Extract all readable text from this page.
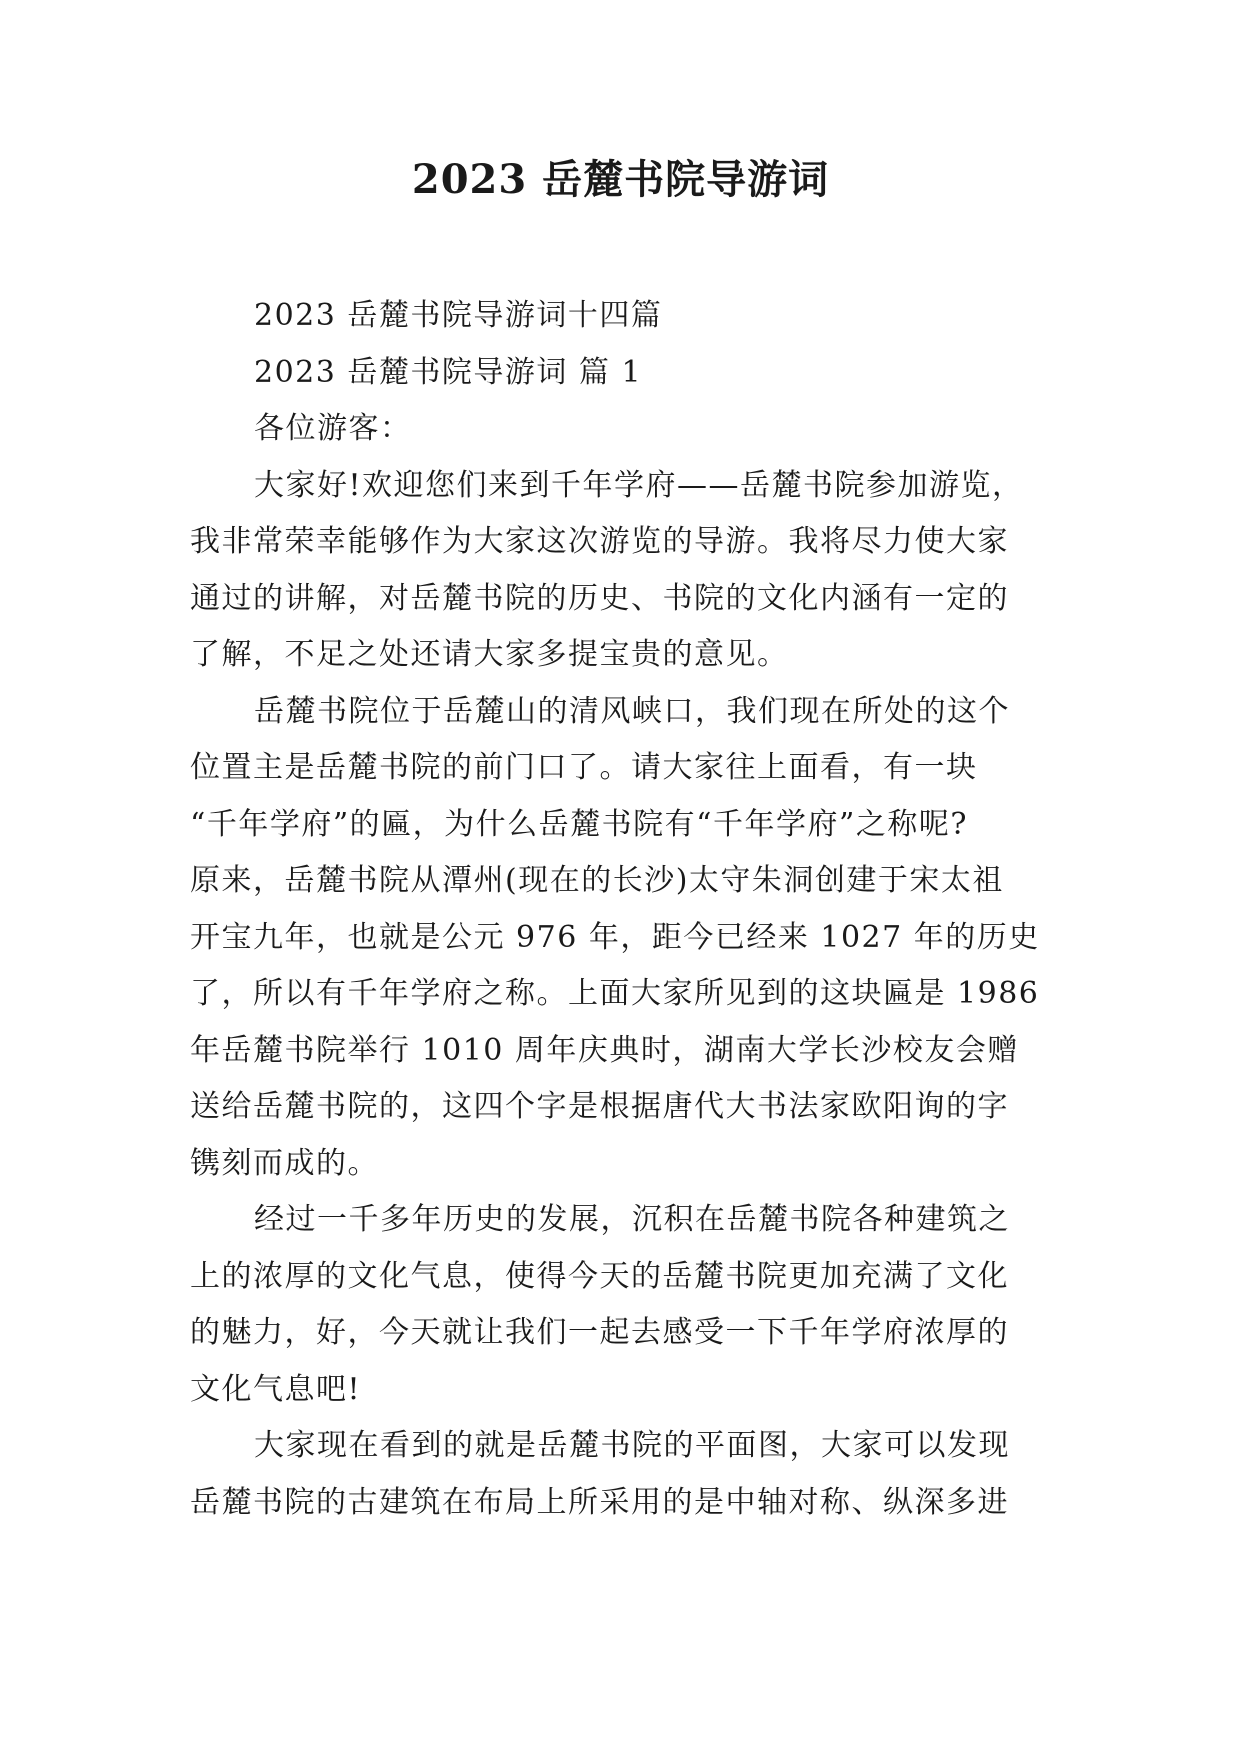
2023 岳麓书院导游词
2023 岳麓书院导游词十四篇
2023 岳麓书院导游词 篇 1
各位游客：
大家好!欢迎您们来到千年学府——岳麓书院参加游览，
我非常荣幸能够作为大家这次游览的导游。我将尽力使大家
通过的讲解，对岳麓书院的历史、书院的文化内涵有一定的
了解，不足之处还请大家多提宝贵的意见。
岳麓书院位于岳麓山的清风峡口，我们现在所处的这个
位置主是岳麓书院的前门口了。请大家往上面看，有一块
“千年学府”的匾，为什么岳麓书院有“千年学府”之称呢?
原来，岳麓书院从潭州(现在的长沙)太守朱洞创建于宋太祖
开宝九年，也就是公元 976 年，距今已经来 1027 年的历史
了，所以有千年学府之称。上面大家所见到的这块匾是 1986
年岳麓书院举行 1010 周年庆典时，湖南大学长沙校友会赠
送给岳麓书院的，这四个字是根据唐代大书法家欧阳询的字
镌刻而成的。
经过一千多年历史的发展，沉积在岳麓书院各种建筑之
上的浓厚的文化气息，使得今天的岳麓书院更加充满了文化
的魅力，好，今天就让我们一起去感受一下千年学府浓厚的
文化气息吧!
大家现在看到的就是岳麓书院的平面图，大家可以发现
岳麓书院的古建筑在布局上所采用的是中轴对称、纵深多进
